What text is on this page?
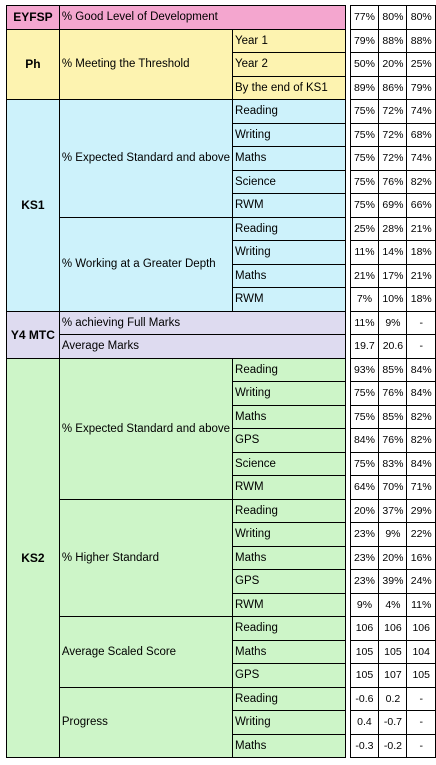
EYFSP	% Good Level of Development			77%	80%	80%
Ph	% Meeting the Threshold	Year 1		79%	88%	88%
		Year 2		50%	20%	25%
		By the end of KS1		89%	86%	79%
KS1	% Expected Standard and above	Reading		75%	72%	74%
		Writing		75%	72%	68%
		Maths		75%	72%	74%
		Science		75%	76%	82%
		RWM		75%	69%	66%
	% Working at a Greater Depth	Reading		25%	28%	21%
		Writing		11%	14%	18%
		Maths		21%	17%	21%
		RWM		7%	10%	18%
Y4 MTC	% achieving Full Marks			11%	9%	-
	Average Marks			19.7	20.6	-
KS2	% Expected Standard and above	Reading		93%	85%	84%
		Writing		75%	76%	84%
		Maths		75%	85%	82%
		GPS		84%	76%	82%
		Science		75%	83%	84%
		RWM		64%	70%	71%
	% Higher Standard	Reading		20%	37%	29%
		Writing		23%	9%	22%
		Maths		23%	20%	16%
		GPS		23%	39%	24%
		RWM		9%	4%	11%
	Average Scaled Score	Reading		106	106	106
		Maths		105	105	104
		GPS		105	107	105
	Progress	Reading		-0.6	0.2	-
		Writing		0.4	-0.7	-
		Maths		-0.3	-0.2	-
